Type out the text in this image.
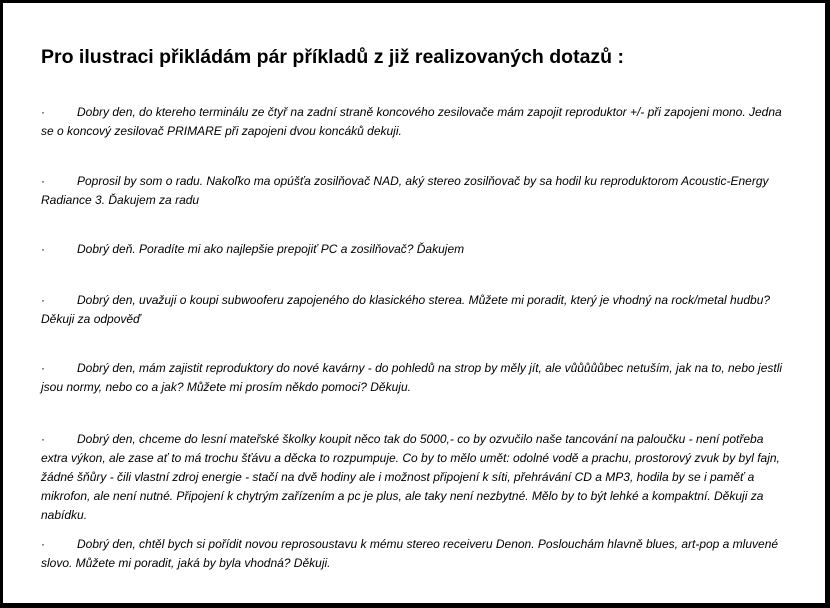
Pro ilustraci přikládám pár příkladů z již realizovaných dotazů :
·	Dobry den, do ktereho terminálu ze čtyř na zadní straně koncového zesilovače mám zapojit reproduktor +/- při zapojeni mono. Jedna se o koncový zesilovač PRIMARE při zapojeni dvou koncáků dekuji.
·	Poprosil by som o radu. Nakoľko ma opúšťa zosilňovač NAD, aký stereo zosilňovač by sa hodil ku reproduktorom Acoustic-Energy Radiance 3. Ďakujem za radu
·	Dobrý deň. Poradíte mi ako najlepšie prepojiť PC a zosilňovač? Ďakujem
·	Dobrý den, uvažuji o koupi subwooferu zapojeného do klasického sterea. Můžete mi poradit, který je vhodný na rock/metal hudbu? Děkuji za odpověď
·	Dobrý den, mám zajistit reproduktory do nové kavárny - do pohledů na strop by měly jít, ale vůůůůůbec netuším, jak na to, nebo jestli jsou normy, nebo co a jak? Můžete mi prosím někdo pomoci? Děkuju.
·	Dobrý den, chceme do lesní mateřské školky koupit něco tak do 5000,- co by ozvučilo naše tancování na paloučku - není potřeba extra výkon, ale zase ať to má trochu šťávu a děcka to rozpumpuje. Co by to mělo umět: odolné vodě a prachu, prostorový zvuk by byl fajn, žádné šňůry - čili vlastní zdroj energie - stačí na dvě hodiny ale i možnost připojení k síti, přehrávání CD a MP3, hodila by se i paměť a mikrofon, ale není nutné. Připojení k chytrým zařízením a pc je plus, ale taky není nezbytné. Mělo by to být lehké a kompaktní. Děkuji za nabídku.
·	Dobrý den, chtěl bych si pořídit novou reprosoustavu k mému stereo receiveru Denon. Poslouchám hlavně blues, art-pop a mluvené slovo. Můžete mi poradit, jaká by byla vhodná? Děkuji.
